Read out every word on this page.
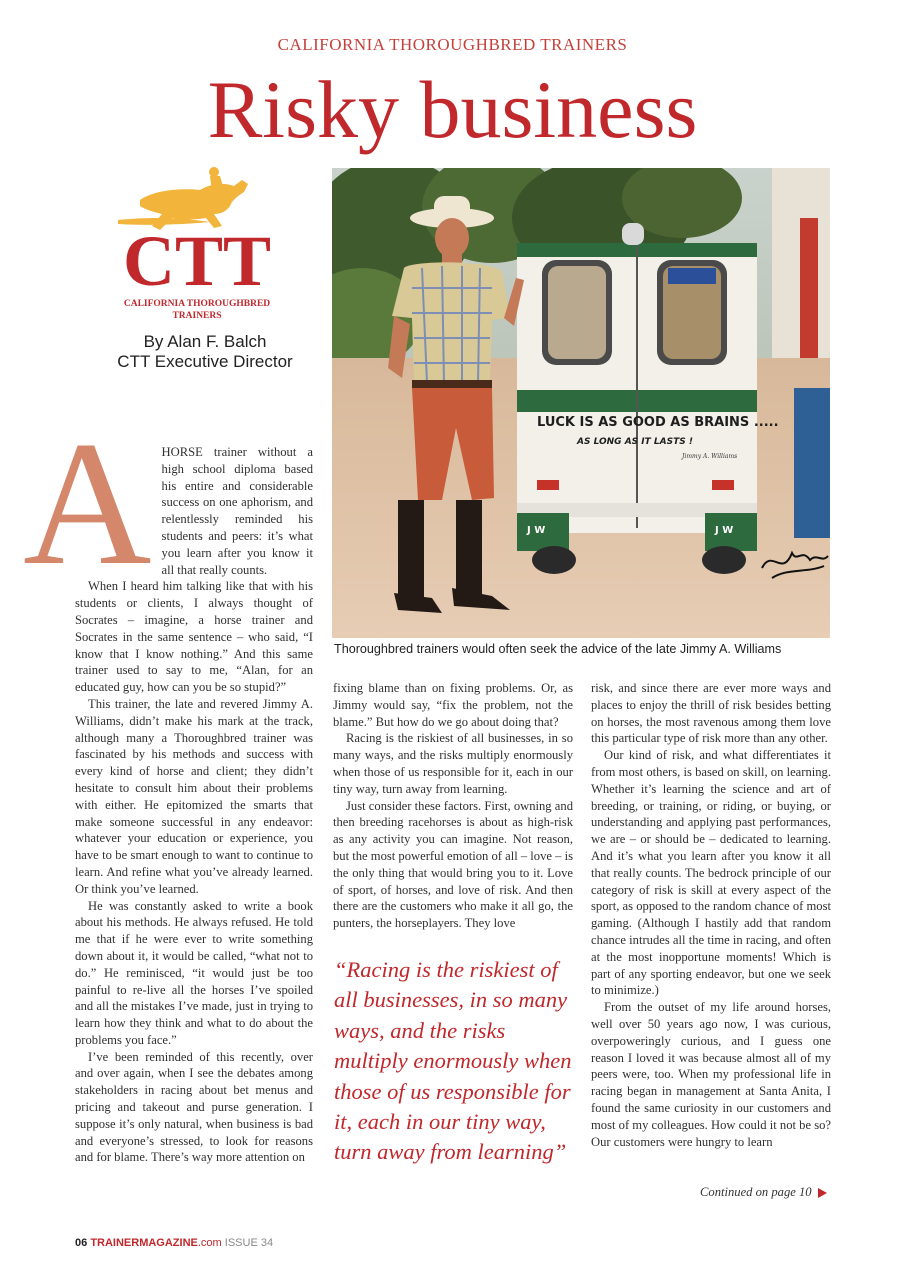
CALIFORNIA THOROUGHBRED TRAINERS
Risky business
CTT
CALIFORNIA THOROUGHBRED
TRAINERS
By Alan F. Balch
CTT Executive Director
LUCK IS AS GOOD AS BRAINS .....
AS LONG AS IT LASTS !
Jimmy A. Williams
J W	J W
Thoroughbred trainers would often seek the advice of the late Jimmy A. Williams
A HORSE trainer without a high school diploma based his entire and considerable success on one aphorism, and relentlessly reminded his students and peers: it’s what you learn after you know it all that really counts.

When I heard him talking like that with his students or clients, I always thought of Socrates – imagine, a horse trainer and Socrates in the same sentence – who said, “I know that I know nothing.” And this same trainer used to say to me, “Alan, for an educated guy, how can you be so stupid?”

This trainer, the late and revered Jimmy A. Williams, didn’t make his mark at the track, although many a Thoroughbred trainer was fascinated by his methods and success with every kind of horse and client; they didn’t hesitate to consult him about their problems with either. He epitomized the smarts that make someone successful in any endeavor: whatever your education or experience, you have to be smart enough to want to continue to learn. And refine what you’ve already learned. Or think you’ve learned.

He was constantly asked to write a book about his methods. He always refused. He told me that if he were ever to write something down about it, it would be called, “what not to do.” He reminisced, “it would just be too painful to re-live all the horses I’ve spoiled and all the mistakes I’ve made, just in trying to learn how they think and what to do about the problems you face.”

I’ve been reminded of this recently, over and over again, when I see the debates among stakeholders in racing about bet menus and pricing and takeout and purse generation. I suppose it’s only natural, when business is bad and everyone’s stressed, to look for reasons and for blame. There’s way more attention on

fixing blame than on fixing problems. Or, as Jimmy would say, “fix the problem, not the blame.” But how do we go about doing that?

Racing is the riskiest of all businesses, in so many ways, and the risks multiply enormously when those of us responsible for it, each in our tiny way, turn away from learning.

Just consider these factors. First, owning and then breeding racehorses is about as high-risk as any activity you can imagine. Not reason, but the most powerful emotion of all – love – is the only thing that would bring you to it. Love of sport, of horses, and love of risk. And then there are the customers who make it all go, the punters, the horseplayers. They love

“Racing is the riskiest of all businesses, in so many ways, and the risks multiply enormously when those of us responsible for it, each in our tiny way, turn away from learning”

risk, and since there are ever more ways and places to enjoy the thrill of risk besides betting on horses, the most ravenous among them love this particular type of risk more than any other.

Our kind of risk, and what differentiates it from most others, is based on skill, on learning. Whether it’s learning the science and art of breeding, or training, or riding, or buying, or understanding and applying past performances, we are – or should be – dedicated to learning. And it’s what you learn after you know it all that really counts. The bedrock principle of our category of risk is skill at every aspect of the sport, as opposed to the random chance of most gaming. (Although I hastily add that random chance intrudes all the time in racing, and often at the most inopportune moments! Which is part of any sporting endeavor, but one we seek to minimize.)

From the outset of my life around horses, well over 50 years ago now, I was curious, overpoweringly curious, and I guess one reason I loved it was because almost all of my peers were, too. When my professional life in racing began in management at Santa Anita, I found the same curiosity in our customers and most of my colleagues. How could it not be so? Our customers were hungry to learn

Continued on page 10
06 TRAINERMAGAZINE.com ISSUE 34
